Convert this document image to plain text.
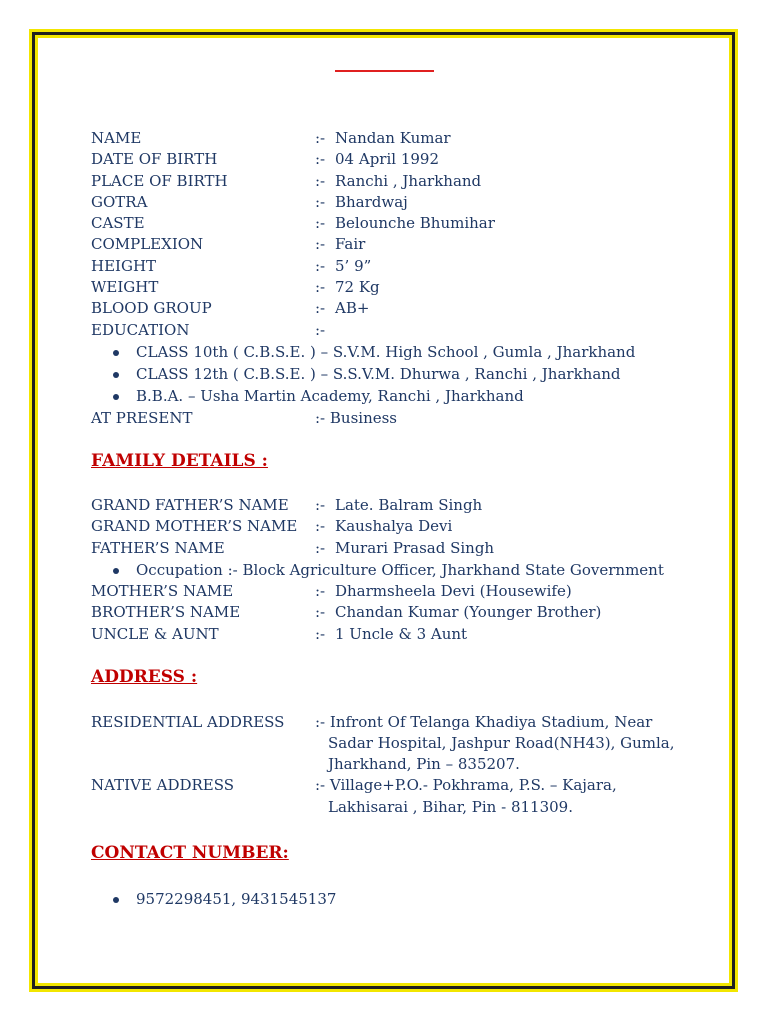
NAME	:- Nandan Kumar
DATE OF BIRTH	:- 04 April 1992
PLACE OF BIRTH	:- Ranchi , Jharkhand
GOTRA	:- Bhardwaj
CASTE	:- Belounche Bhumihar
COMPLEXION	:- Fair
HEIGHT	:- 5’ 9”
WEIGHT	:- 72 Kg
BLOOD GROUP	:- AB+
EDUCATION	:-
CLASS 10th ( C.B.S.E. ) – S.V.M. High School , Gumla , Jharkhand
CLASS 12th ( C.B.S.E. ) – S.S.V.M. Dhurwa , Ranchi , Jharkhand
B.B.A. – Usha Martin Academy, Ranchi , Jharkhand
AT PRESENT	:- Business
FAMILY DETAILS :
GRAND FATHER’S NAME :- Late. Balram Singh
GRAND MOTHER’S NAME :- Kaushalya Devi
FATHER’S NAME	:- Murari Prasad Singh
Occupation :- Block Agriculture Officer, Jharkhand State Government
MOTHER’S NAME	:- Dharmsheela Devi (Housewife)
BROTHER’S NAME	:- Chandan Kumar (Younger Brother)
UNCLE & AUNT	:- 1 Uncle & 3 Aunt
ADDRESS :
RESIDENTIAL ADDRESS :- Infront Of Telanga Khadiya Stadium, Near
Sadar Hospital, Jashpur Road(NH43), Gumla,
Jharkhand, Pin – 835207.
NATIVE ADDRESS	:- Village+P.O.- Pokhrama, P.S. – Kajara,
Lakhisarai , Bihar, Pin - 811309.
CONTACT NUMBER:
9572298451, 9431545137
